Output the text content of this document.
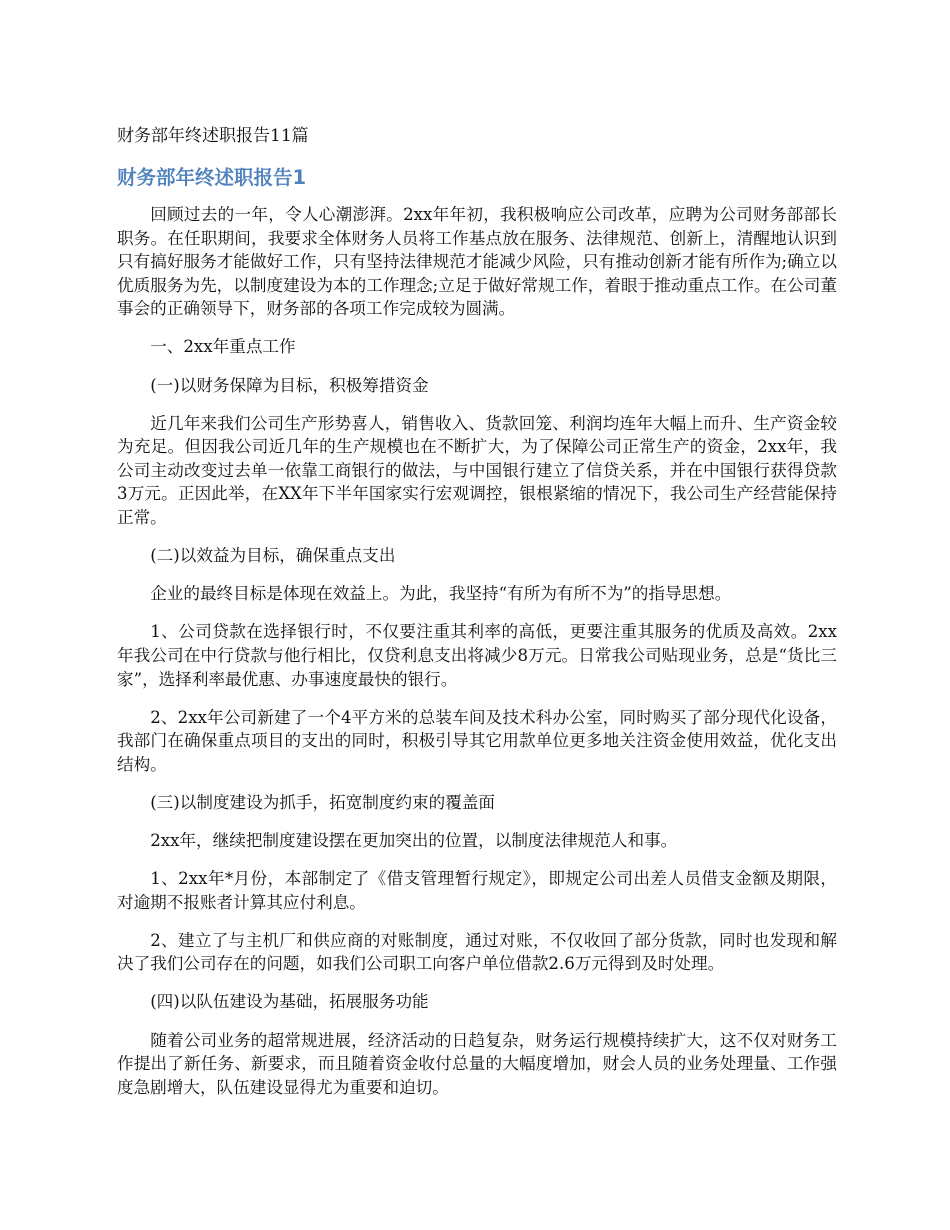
财务部年终述职报告11篇
财务部年终述职报告1

回顾过去的一年，令人心潮澎湃。2xx年年初，我积极响应公司改革，应聘为公司财务部部长职务。在任职期间，我要求全体财务人员将工作基点放在服务、法律规范、创新上，清醒地认识到只有搞好服务才能做好工作，只有坚持法律规范才能减少风险，只有推动创新才能有所作为;确立以优质服务为先，以制度建设为本的工作理念;立足于做好常规工作，着眼于推动重点工作。在公司董事会的正确领导下，财务部的各项工作完成较为圆满。

一、2xx年重点工作

(一)以财务保障为目标，积极筹措资金

近几年来我们公司生产形势喜人，销售收入、货款回笼、利润均连年大幅上而升、生产资金较为充足。但因我公司近几年的生产规模也在不断扩大，为了保障公司正常生产的资金，2xx年，我公司主动改变过去单一依靠工商银行的做法，与中国银行建立了信贷关系，并在中国银行获得贷款3万元。正因此举，在XX年下半年国家实行宏观调控，银根紧缩的情况下，我公司生产经营能保持正常。

(二)以效益为目标，确保重点支出

企业的最终目标是体现在效益上。为此，我坚持“有所为有所不为”的指导思想。

1、公司贷款在选择银行时，不仅要注重其利率的高低，更要注重其服务的优质及高效。2xx年我公司在中行贷款与他行相比，仅贷利息支出将减少8万元。日常我公司贴现业务，总是“货比三家”，选择利率最优惠、办事速度最快的银行。

2、2xx年公司新建了一个4平方米的总装车间及技术科办公室，同时购买了部分现代化设备，我部门在确保重点项目的支出的同时，积极引导其它用款单位更多地关注资金使用效益，优化支出结构。

(三)以制度建设为抓手，拓宽制度约束的覆盖面

2xx年，继续把制度建设摆在更加突出的位置，以制度法律规范人和事。

1、2xx年*月份，本部制定了《借支管理暂行规定》，即规定公司出差人员借支金额及期限，对逾期不报账者计算其应付利息。

2、建立了与主机厂和供应商的对账制度，通过对账，不仅收回了部分货款，同时也发现和解决了我们公司存在的问题，如我们公司职工向客户单位借款2.6万元得到及时处理。

(四)以队伍建设为基础，拓展服务功能

随着公司业务的超常规进展，经济活动的日趋复杂，财务运行规模持续扩大，这不仅对财务工作提出了新任务、新要求，而且随着资金收付总量的大幅度增加，财会人员的业务处理量、工作强度急剧增大，队伍建设显得尤为重要和迫切。
